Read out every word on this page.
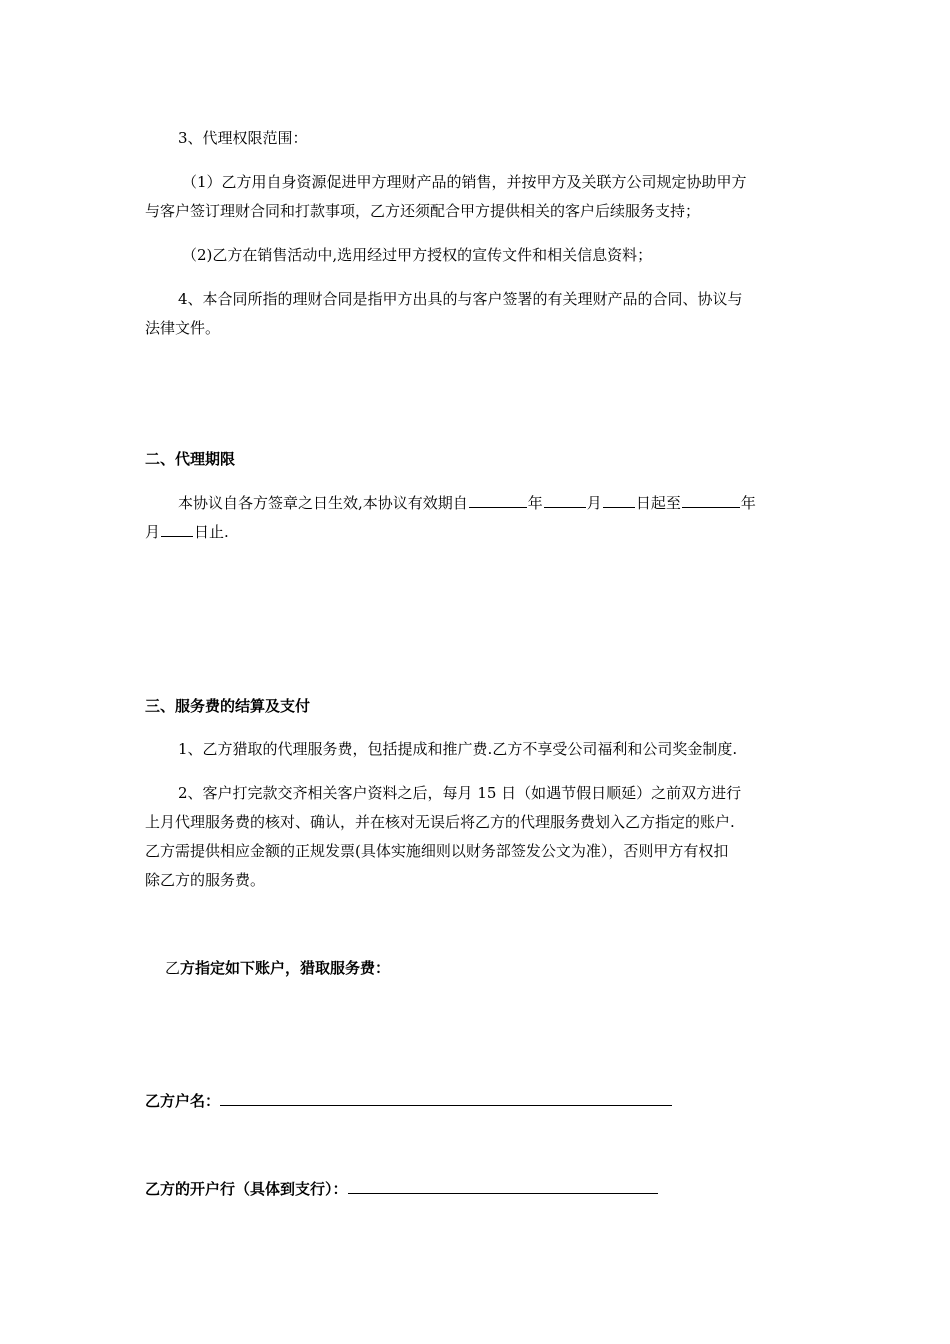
3、代理权限范围：
（1）乙方用自身资源促进甲方理财产品的销售，并按甲方及关联方公司规定协助甲方
与客户签订理财合同和打款事项，乙方还须配合甲方提供相关的客户后续服务支持；
（2)乙方在销售活动中,选用经过甲方授权的宣传文件和相关信息资料；
4、本合同所指的理财合同是指甲方出具的与客户签署的有关理财产品的合同、协议与
法律文件。
二、代理期限
本协议自各方签章之日生效,本协议有效期自	年	月 日起至	年
月 日止.
三、服务费的结算及支付
1、乙方猎取的代理服务费，包括提成和推广费.乙方不享受公司福利和公司奖金制度.
2、客户打完款交齐相关客户资料之后，每月 15 日（如遇节假日顺延）之前双方进行
上月代理服务费的核对、确认，并在核对无误后将乙方的代理服务费划入乙方指定的账户.
乙方需提供相应金额的正规发票(具体实施细则以财务部签发公文为准），否则甲方有权扣
除乙方的服务费。
乙方指定如下账户，猎取服务费：
乙方户名：
乙方的开户行（具体到支行）：
